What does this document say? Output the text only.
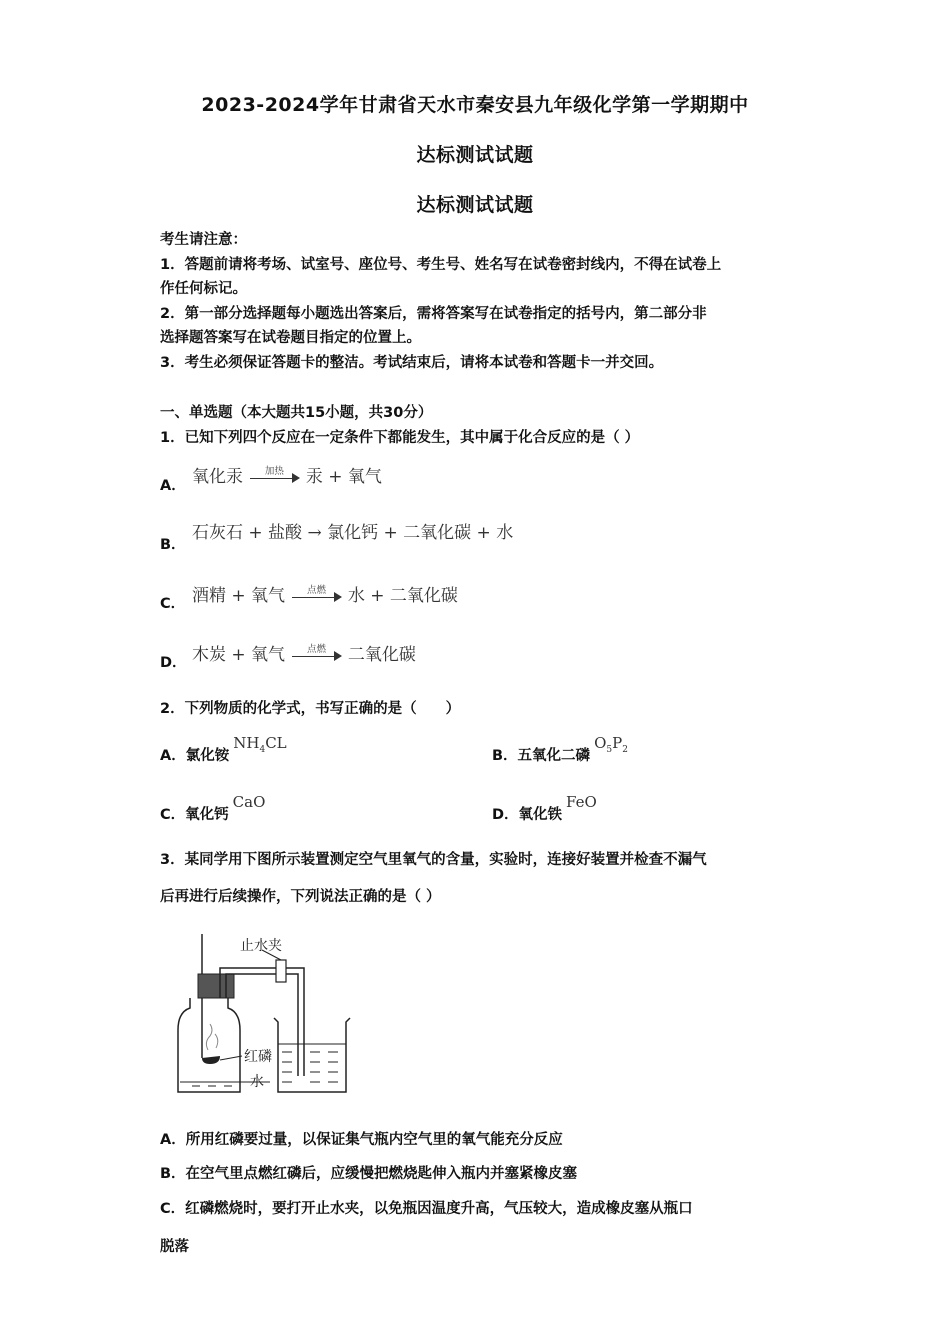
2023-2024学年甘肃省天水市秦安县九年级化学第一学期期中
达标测试试题
达标测试试题
考生请注意：
1．答题前请将考场、试室号、座位号、考生号、姓名写在试卷密封线内，不得在试卷上
作任何标记。
2．第一部分选择题每小题选出答案后，需将答案写在试卷指定的括号内，第二部分非
选择题答案写在试卷题目指定的位置上。
3．考生必须保证答题卡的整洁。考试结束后，请将本试卷和答题卡一并交回。
一、单选题（本大题共15小题，共30分）
1．已知下列四个反应在一定条件下都能发生，其中属于化合反应的是（ ）
A． 氧化汞	加热	汞 + 氧气
B．
石灰石 + 盐酸 → 氯化钙 + 二氧化碳 + 水
C． 酒精 + 氧气	点燃	水 + 二氧化碳
D． 木炭 + 氧气	点燃	二氧化碳
2．下列物质的化学式，书写正确的是（　　）
A．氯化铵$NH_4CL$
B．五氧化二磷$O_5P_2$
C．氧化钙CaO
D．氧化铁FeO
3．某同学用下图所示装置测定空气里氧气的含量，实验时，连接好装置并检查不漏气
后再进行后续操作，下列说法正确的是（ ）
止水夹
红磷
水
A．所用红磷要过量，以保证集气瓶内空气里的氧气能充分反应
B．在空气里点燃红磷后，应缓慢把燃烧匙伸入瓶内并塞紧橡皮塞
C．红磷燃烧时，要打开止水夹，以免瓶因温度升高，气压较大，造成橡皮塞从瓶口
脱落
